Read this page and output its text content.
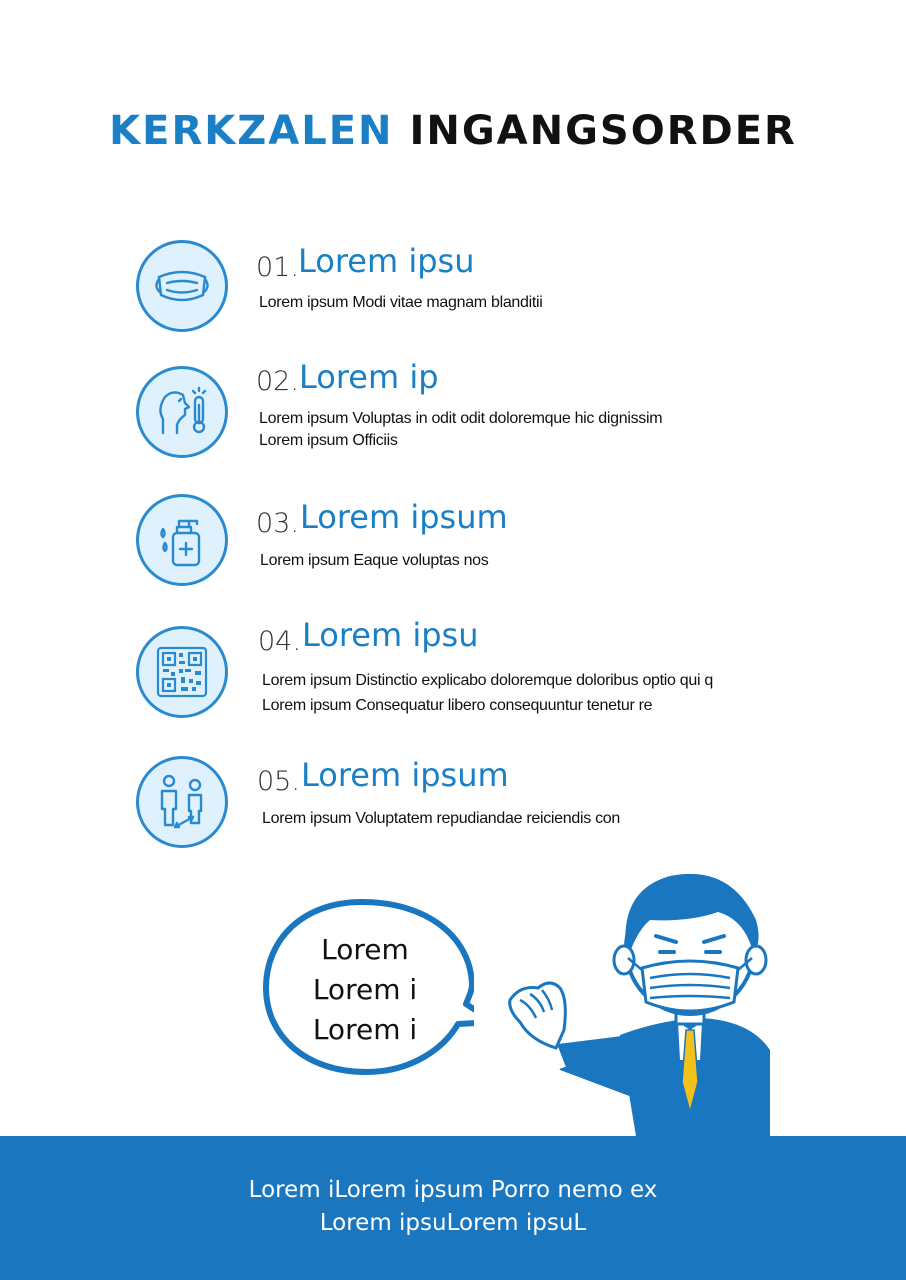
KERKZALEN INGANGSORDER
01. Lorem ipsu
Lorem ipsum Modi vitae magnam blanditii
02. Lorem ip
Lorem ipsum Voluptas in odit odit doloremque hic dignissim
Lorem ipsum Officiis
03. Lorem ipsum
Lorem ipsum Eaque voluptas nos
04. Lorem ipsu
Lorem ipsum Distinctio explicabo doloremque doloribus optio qui q
Lorem ipsum Consequatur libero consequuntur tenetur re
05. Lorem ipsum
Lorem ipsum Voluptatem repudiandae reiciendis con
Lorem
Lorem i
Lorem i
Lorem iLorem ipsum Porro nemo ex
Lorem ipsuLorem ipsuL
